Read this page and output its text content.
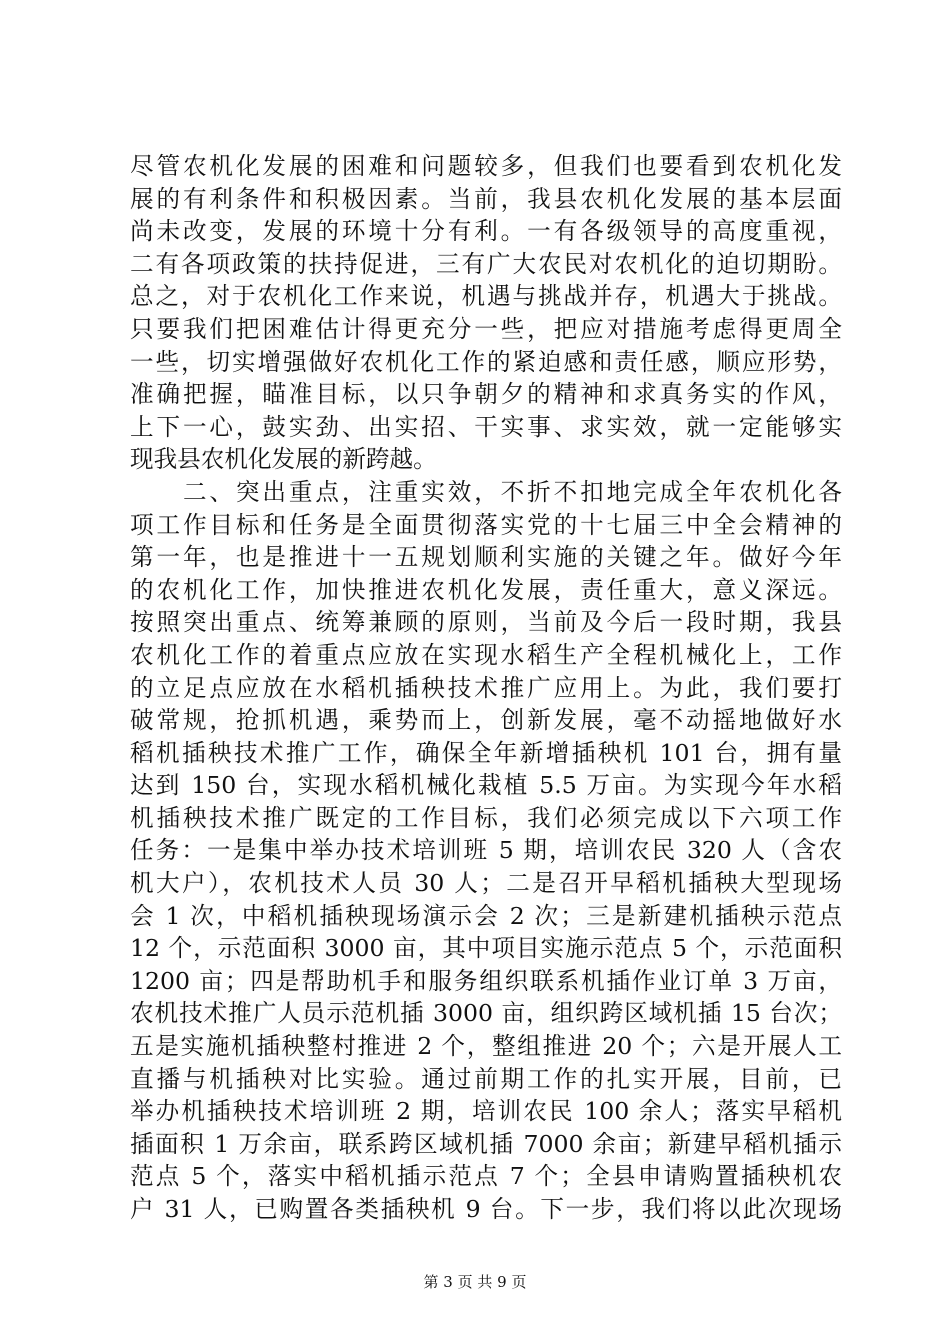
尽管农机化发展的困难和问题较多，但我们也要看到农机化发
展的有利条件和积极因素。当前，我县农机化发展的基本层面
尚未改变，发展的环境十分有利。一有各级领导的高度重视，
二有各项政策的扶持促进，三有广大农民对农机化的迫切期盼。
总之，对于农机化工作来说，机遇与挑战并存，机遇大于挑战。
只要我们把困难估计得更充分一些，把应对措施考虑得更周全
一些，切实增强做好农机化工作的紧迫感和责任感，顺应形势，
准确把握，瞄准目标，以只争朝夕的精神和求真务实的作风，
上下一心，鼓实劲、出实招、干实事、求实效，就一定能够实
现我县农机化发展的新跨越。
　　二、突出重点，注重实效，不折不扣地完成全年农机化各
项工作目标和任务是全面贯彻落实党的十七届三中全会精神的
第一年，也是推进十一五规划顺利实施的关键之年。做好今年
的农机化工作，加快推进农机化发展，责任重大，意义深远。
按照突出重点、统筹兼顾的原则，当前及今后一段时期，我县
农机化工作的着重点应放在实现水稻生产全程机械化上，工作
的立足点应放在水稻机插秧技术推广应用上。为此，我们要打
破常规，抢抓机遇，乘势而上，创新发展，毫不动摇地做好水
稻机插秧技术推广工作，确保全年新增插秧机 101 台，拥有量
达到 150 台，实现水稻机械化栽植 5.5 万亩。为实现今年水稻
机插秧技术推广既定的工作目标，我们必须完成以下六项工作
任务：一是集中举办技术培训班 5 期，培训农民 320 人（含农
机大户），农机技术人员 30 人；二是召开早稻机插秧大型现场
会 1 次，中稻机插秧现场演示会 2 次；三是新建机插秧示范点
12 个，示范面积 3000 亩，其中项目实施示范点 5 个，示范面积
1200 亩；四是帮助机手和服务组织联系机插作业订单 3 万亩，
农机技术推广人员示范机插 3000 亩，组织跨区域机插 15 台次；
五是实施机插秧整村推进 2 个，整组推进 20 个；六是开展人工
直播与机插秧对比实验。通过前期工作的扎实开展，目前，已
举办机插秧技术培训班 2 期，培训农民 100 余人；落实早稻机
插面积 1 万余亩，联系跨区域机插 7000 余亩；新建早稻机插示
范点 5 个，落实中稻机插示范点 7 个；全县申请购置插秧机农
户 31 人，已购置各类插秧机 9 台。下一步，我们将以此次现场
第 3 页 共 9 页
